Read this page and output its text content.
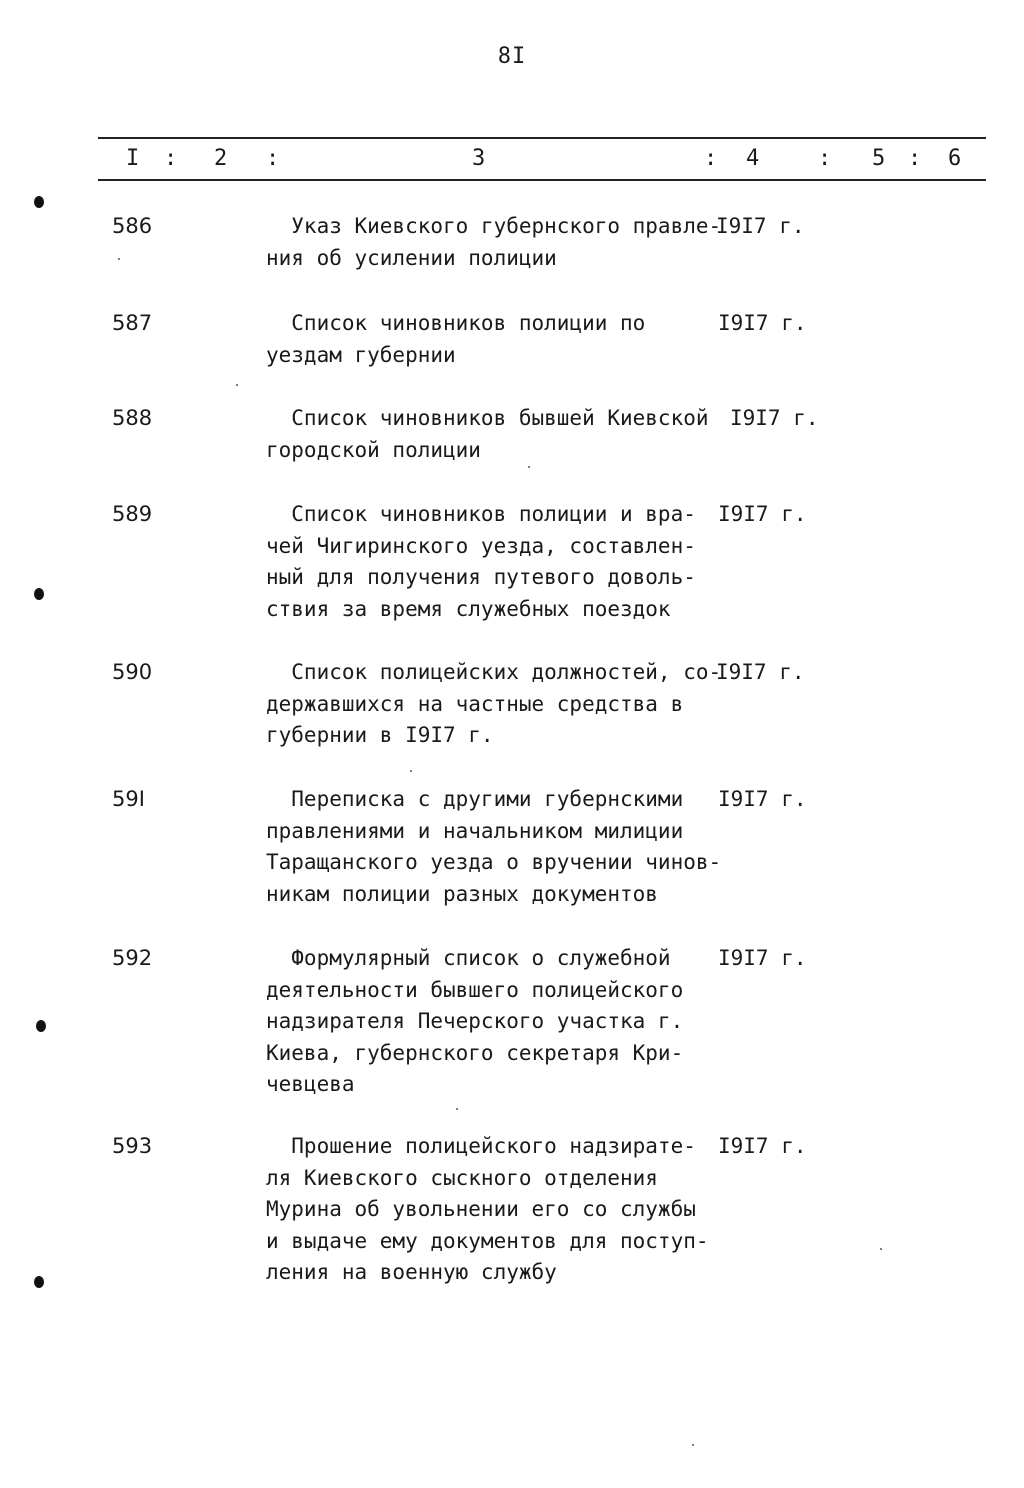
8I
I : 2 :	3	: 4	: 5 : 6
586	Указ Киевского губернского правле-
ния об усилении полиции
I9I7 г.
587	Список чиновников полиции по
уездам губернии
I9I7 г.
588	Список чиновников бывшей Киевской
городской полиции
I9I7 г.
589	Список чиновников полиции и вра-
чей Чигиринского уезда, составлен-
ный для получения путевого доволь-
ствия за время служебных поездок
I9I7 г.
590	Список полицейских должностей, со-
державшихся на частные средства в
губернии в I9I7 г.
I9I7 г.
59I	Переписка с другими губернскими
правлениями и начальником милиции
Таращанского уезда о вручении чинов-
никам полиции разных документов
I9I7 г.
592	Формулярный список о служебной
деятельности бывшего полицейского
надзирателя Печерского участка г.
Киева, губернского секретаря Кри-
чевцева
I9I7 г.
593	Прошение полицейского надзирате-
ля Киевского сыскного отделения
Мурина об увольнении его со службы
и выдаче ему документов для поступ-
ления на военную службу
I9I7 г.
